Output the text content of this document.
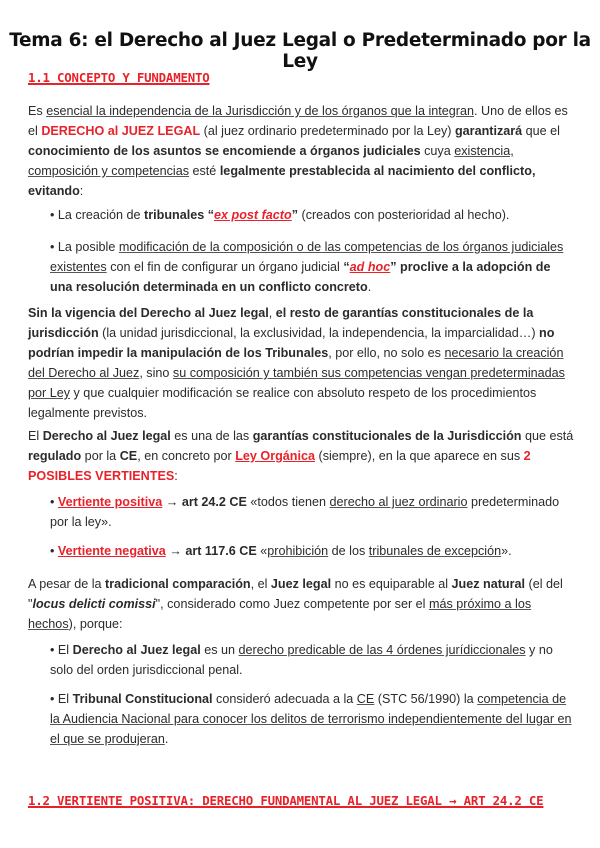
Tema 6: el Derecho al Juez Legal o Predeterminado por la Ley
1.1 CONCEPTO Y FUNDAMENTO
Es esencial la independencia de la Jurisdicción y de los órganos que la integran. Uno de ellos es el DERECHO al JUEZ LEGAL (al juez ordinario predeterminado por la Ley) garantizará que el conocimiento de los asuntos se encomiende a órganos judiciales cuya existencia, composición y competencias esté legalmente prestablecida al nacimiento del conflicto, evitando:
• La creación de tribunales “ex post facto” (creados con posterioridad al hecho).
• La posible modificación de la composición o de las competencias de los órganos judiciales existentes con el fin de configurar un órgano judicial “ad hoc” proclive a la adopción de una resolución determinada en un conflicto concreto.
Sin la vigencia del Derecho al Juez legal, el resto de garantías constitucionales de la jurisdicción (la unidad jurisdiccional, la exclusividad, la independencia, la imparcialidad…) no podrían impedir la manipulación de los Tribunales, por ello, no solo es necesario la creación del Derecho al Juez, sino su composición y también sus competencias vengan predeterminadas por Ley y que cualquier modificación se realice con absoluto respeto de los procedimientos legalmente previstos.
El Derecho al Juez legal es una de las garantías constitucionales de la Jurisdicción que está regulado por la CE, en concreto por Ley Orgánica (siempre), en la que aparece en sus 2 POSIBLES VERTIENTES:
• Vertiente positiva → art 24.2 CE «todos tienen derecho al juez ordinario predeterminado por la ley».
• Vertiente negativa → art 117.6 CE «prohibición de los tribunales de excepción».
A pesar de la tradicional comparación, el Juez legal no es equiparable al Juez natural (el del "locus delicti comissi", considerado como Juez competente por ser el más próximo a los hechos), porque:
• El Derecho al Juez legal es un derecho predicable de las 4 órdenes jurídiccionales y no solo del orden jurisdiccional penal.
• El Tribunal Constitucional consideró adecuada a la CE (STC 56/1990) la competencia de la Audiencia Nacional para conocer los delitos de terrorismo independientemente del lugar en el que se produjeran.
1.2 VERTIENTE POSITIVA: DERECHO FUNDAMENTAL AL JUEZ LEGAL → ART 24.2 CE
